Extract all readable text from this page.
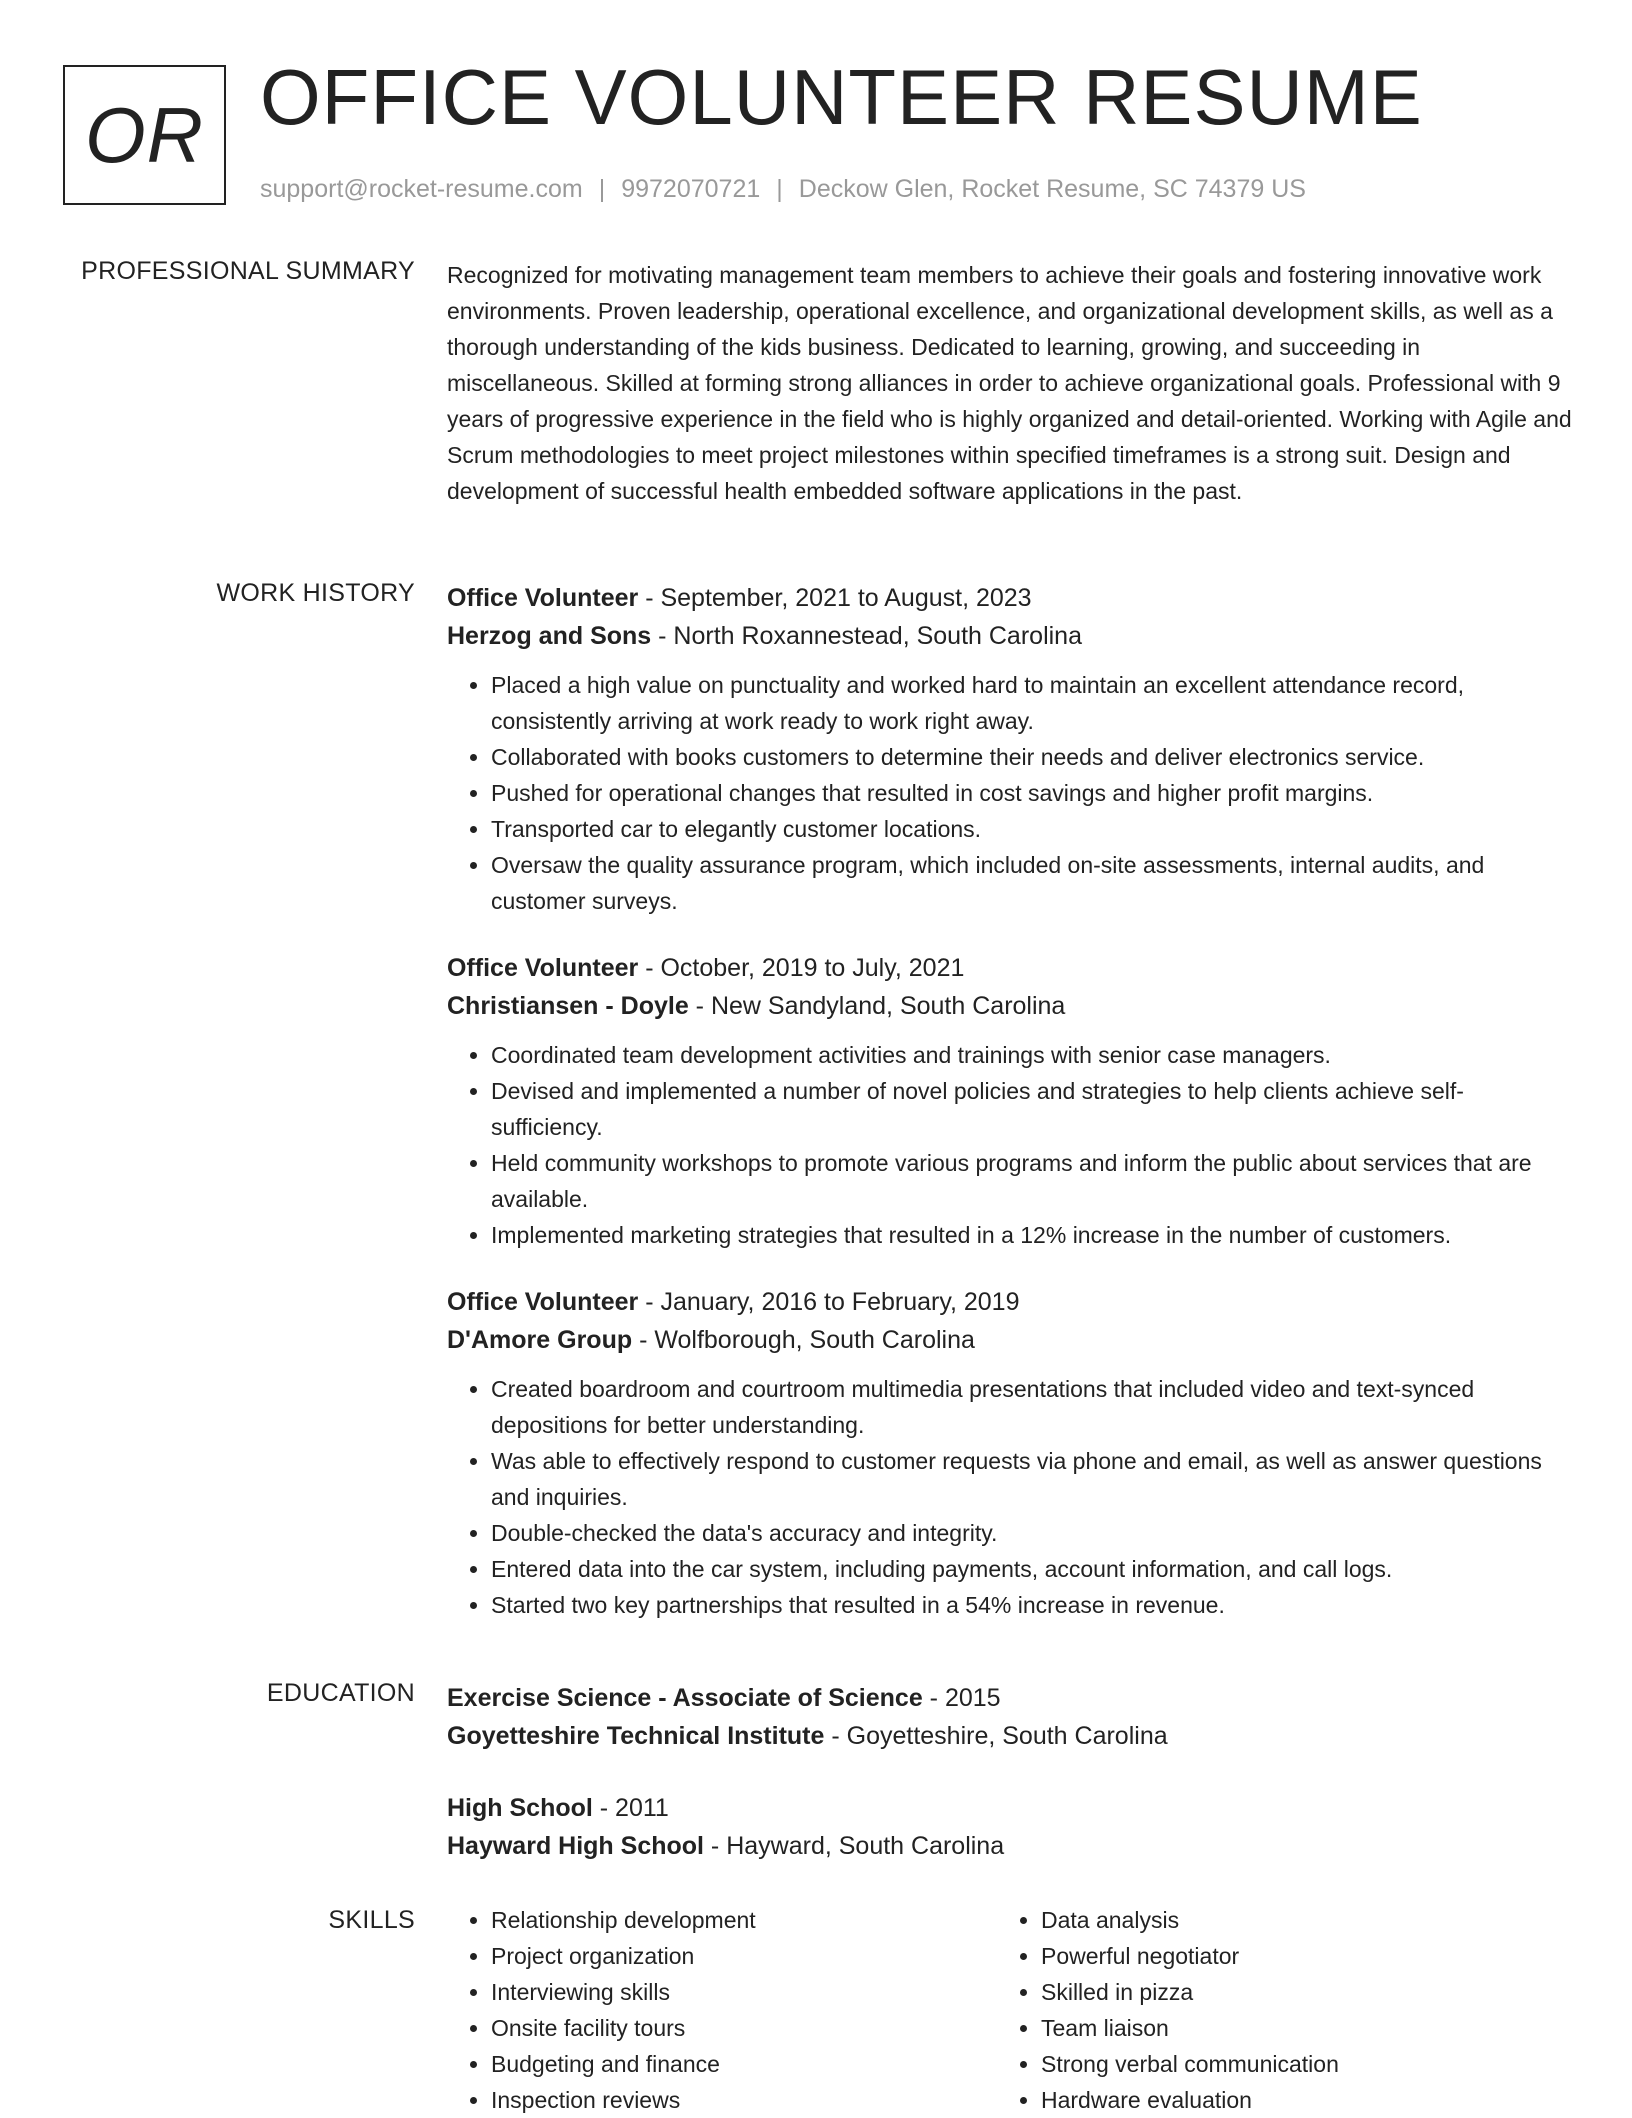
OR OFFICE VOLUNTEER RESUME
support@rocket-resume.com | 9972070721 | Deckow Glen, Rocket Resume, SC 74379 US
PROFESSIONAL SUMMARY Recognized for motivating management team members to achieve their goals and fostering innovative work environments. Proven leadership, operational excellence, and organizational development skills, as well as a thorough understanding of the kids business. Dedicated to learning, growing, and succeeding in miscellaneous. Skilled at forming strong alliances in order to achieve organizational goals. Professional with 9 years of progressive experience in the field who is highly organized and detail-oriented. Working with Agile and Scrum methodologies to meet project milestones within specified timeframes is a strong suit. Design and development of successful health embedded software applications in the past.

WORK HISTORY Office Volunteer - September, 2021 to August, 2023
Herzog and Sons - North Roxannestead, South Carolina
• Placed a high value on punctuality and worked hard to maintain an excellent attendance record, consistently arriving at work ready to work right away.
• Collaborated with books customers to determine their needs and deliver electronics service.
• Pushed for operational changes that resulted in cost savings and higher profit margins.
• Transported car to elegantly customer locations.
• Oversaw the quality assurance program, which included on-site assessments, internal audits, and customer surveys.
Office Volunteer - October, 2019 to July, 2021
Christiansen - Doyle - New Sandyland, South Carolina
• Coordinated team development activities and trainings with senior case managers.
• Devised and implemented a number of novel policies and strategies to help clients achieve self-sufficiency.
• Held community workshops to promote various programs and inform the public about services that are available.
• Implemented marketing strategies that resulted in a 12% increase in the number of customers.
Office Volunteer - January, 2016 to February, 2019
D'Amore Group - Wolfborough, South Carolina
• Created boardroom and courtroom multimedia presentations that included video and text-synced depositions for better understanding.
• Was able to effectively respond to customer requests via phone and email, as well as answer questions and inquiries.
• Double-checked the data's accuracy and integrity.
• Entered data into the car system, including payments, account information, and call logs.
• Started two key partnerships that resulted in a 54% increase in revenue.
EDUCATION Exercise Science - Associate of Science - 2015
Goyetteshire Technical Institute - Goyetteshire, South Carolina
High School - 2011
Hayward High School - Hayward, South Carolina
SKILLS
•	Relationship development
• Project organization
• Interviewing skills
• Onsite facility tours
• Budgeting and finance
• Inspection reviews
• Data analysis
• Powerful negotiator
• Skilled in pizza
• Team liaison
• Strong verbal communication
• Hardware evaluation
